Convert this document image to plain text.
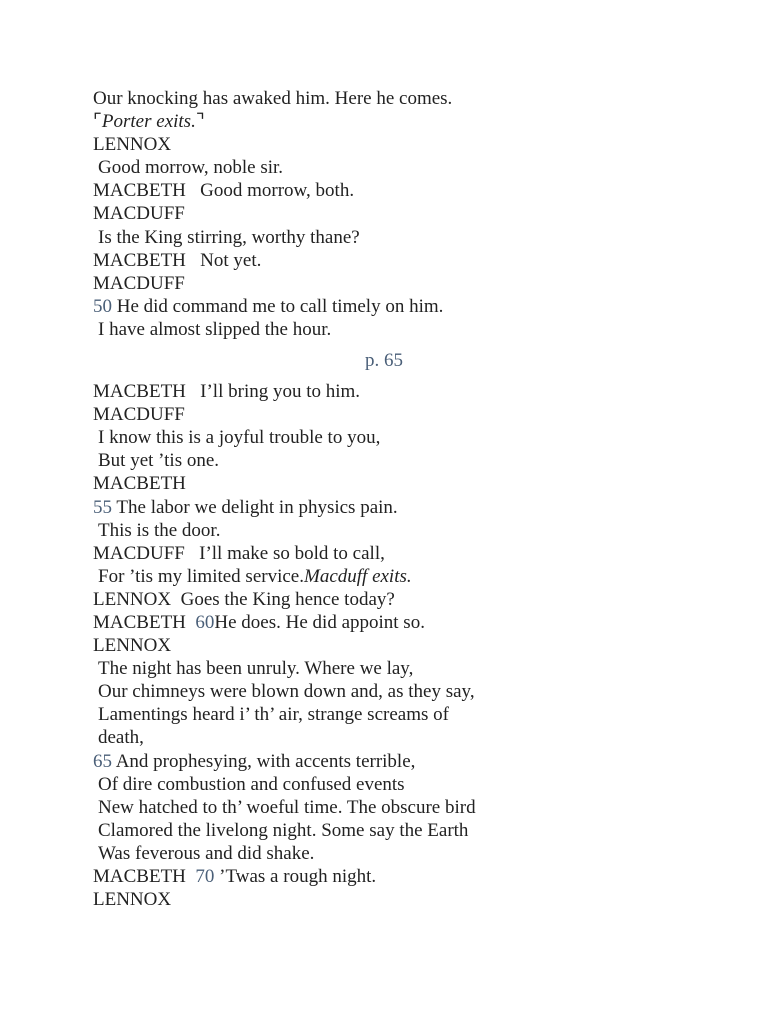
Our knocking has awaked him. Here he comes.
⌜Porter exits.⌝
LENNOX
Good morrow, noble sir.
MACBETH Good morrow, both.
MACDUFF
Is the King stirring, worthy thane?
MACBETH Not yet.
MACDUFF
50 He did command me to call timely on him.
I have almost slipped the hour.
p. 65
MACBETH I’ll bring you to him.
MACDUFF
I know this is a joyful trouble to you,
But yet ’tis one.
MACBETH
55 The labor we delight in physics pain.
This is the door.
MACDUFF I’ll make so bold to call,
For ’tis my limited service.Macduff exits.
LENNOX Goes the King hence today?
MACBETH 60He does. He did appoint so.
LENNOX
The night has been unruly. Where we lay,
Our chimneys were blown down and, as they say,
Lamentings heard i’ th’ air, strange screams of
death,
65 And prophesying, with accents terrible,
Of dire combustion and confused events
New hatched to th’ woeful time. The obscure bird
Clamored the livelong night. Some say the Earth
Was feverous and did shake.
MACBETH 70 ’Twas a rough night.
LENNOX
